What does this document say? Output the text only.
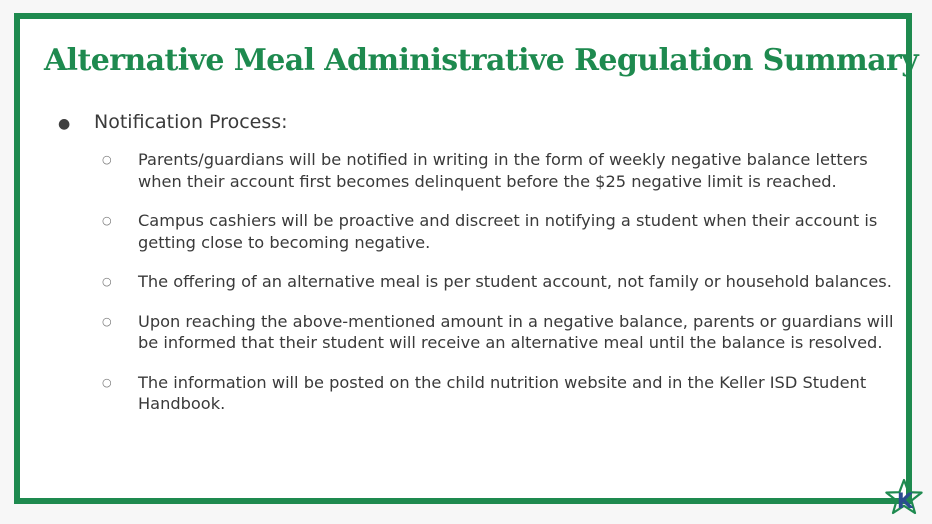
Alternative Meal Administrative Regulation Summary
●	Notification Process:
○	Parents/guardians will be notified in writing in the form of weekly negative balance letters when their account first becomes delinquent before the $25 negative limit is reached.
○	Campus cashiers will be proactive and discreet in notifying a student when their account is getting close to becoming negative.
○	The offering of an alternative meal is per student account, not family or household balances.
○	Upon reaching the above-mentioned amount in a negative balance, parents or guardians will be informed that their student will receive an alternative meal until the balance is resolved.
○	The information will be posted on the child nutrition website and in the Keller ISD Student Handbook.
K
